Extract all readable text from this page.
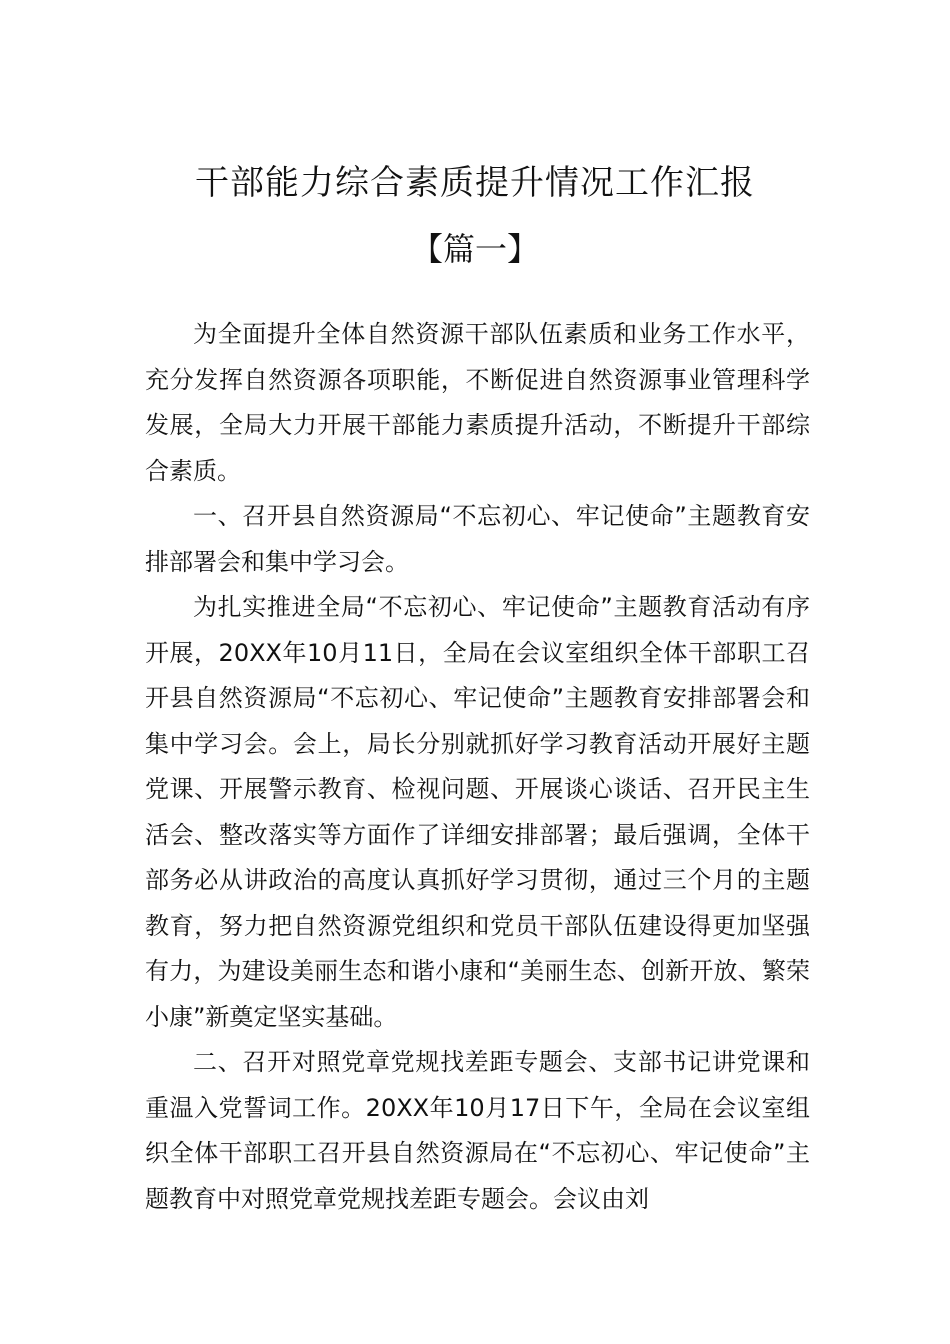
干部能力综合素质提升情况工作汇报
【篇一】

为全面提升全体自然资源干部队伍素质和业务工作水平，充分发挥自然资源各项职能，不断促进自然资源事业管理科学发展，全局大力开展干部能力素质提升活动，不断提升干部综合素质。

一、召开县自然资源局“不忘初心、牢记使命”主题教育安排部署会和集中学习会。

为扎实推进全局“不忘初心、牢记使命”主题教育活动有序开展，20XX年10月11日，全局在会议室组织全体干部职工召开县自然资源局“不忘初心、牢记使命”主题教育安排部署会和集中学习会。会上，局长分别就抓好学习教育活动开展好主题党课、开展警示教育、检视问题、开展谈心谈话、召开民主生活会、整改落实等方面作了详细安排部署；最后强调，全体干部务必从讲政治的高度认真抓好学习贯彻，通过三个月的主题教育，努力把自然资源党组织和党员干部队伍建设得更加坚强有力，为建设美丽生态和谐小康和“美丽生态、创新开放、繁荣小康”新奠定坚实基础。

二、召开对照党章党规找差距专题会、支部书记讲党课和重温入党誓词工作。20XX年10月17日下午，全局在会议室组织全体干部职工召开县自然资源局在“不忘初心、牢记使命”主题教育中对照党章党规找差距专题会。会议由刘
